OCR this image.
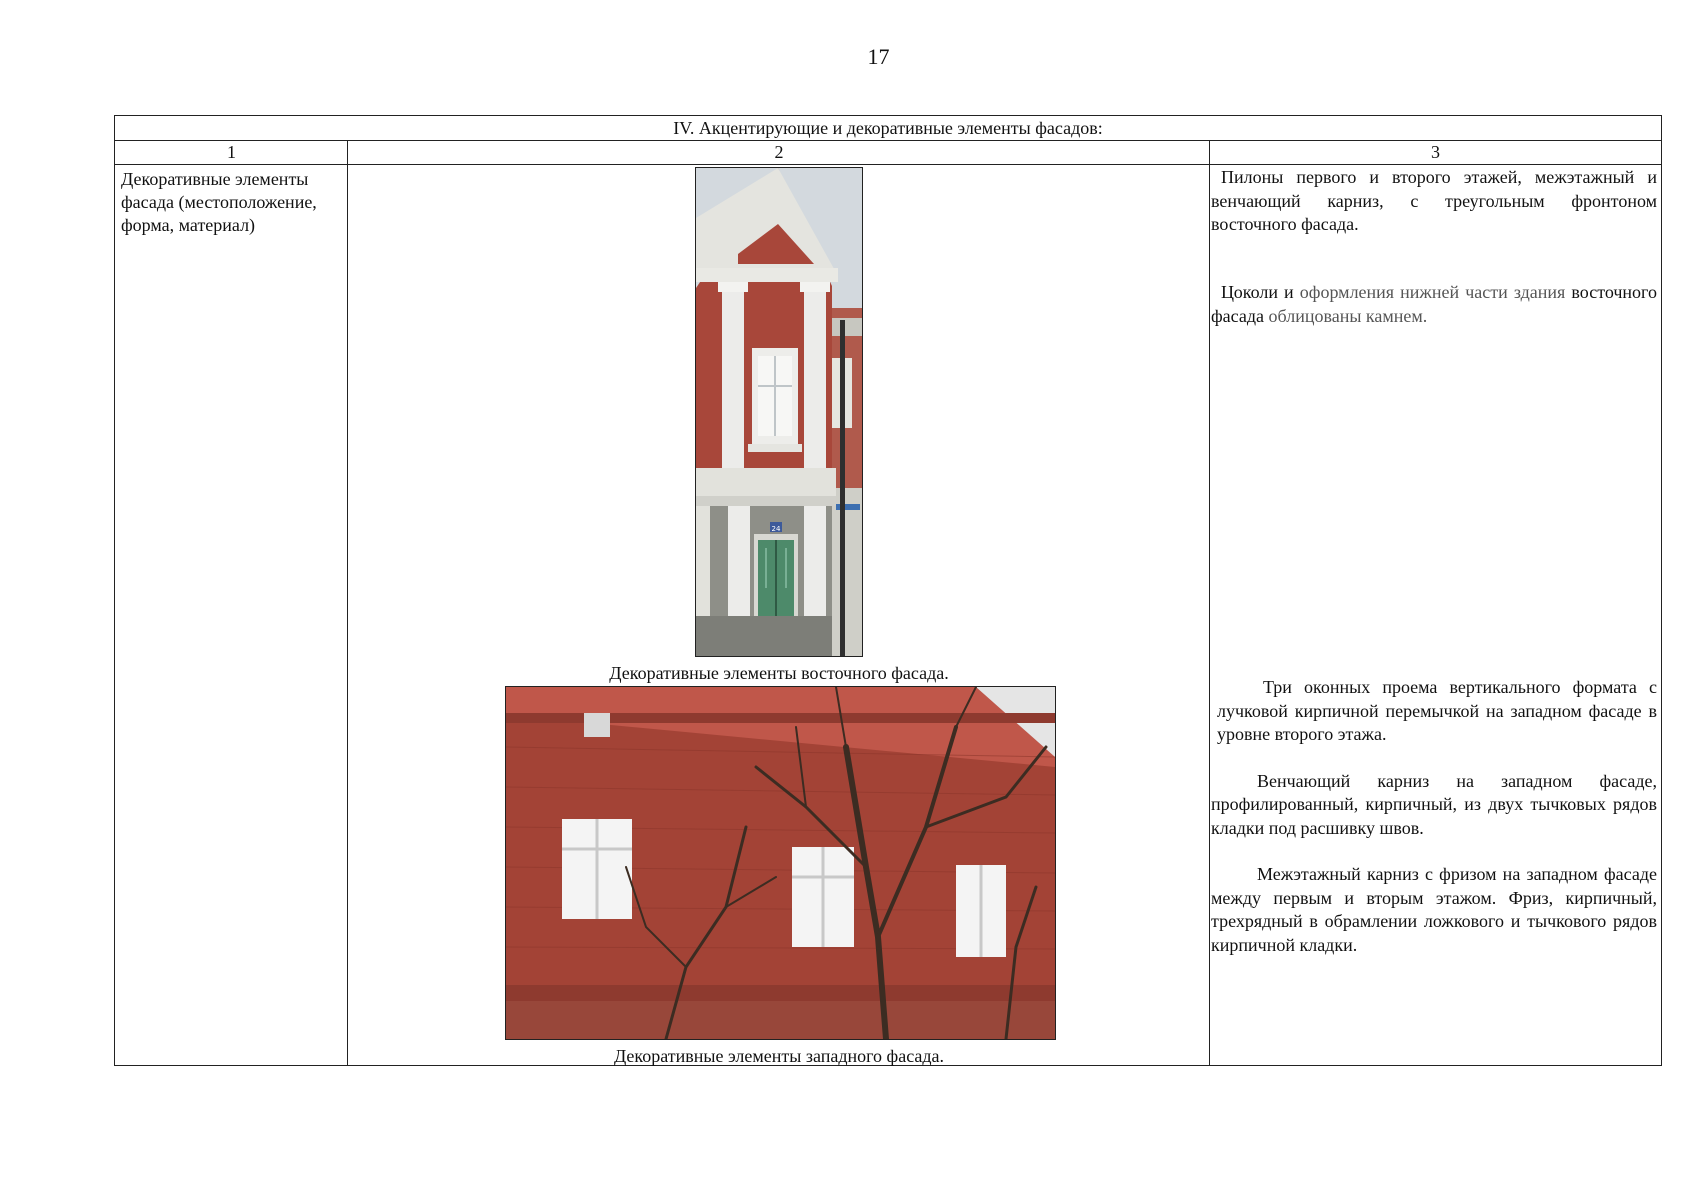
17
IV. Акцентирующие и декоративные элементы фасадов:
1	2	3
Декоративные элементы фасада (местоположение, форма, материал)
24
Декоративные элементы восточного фасада.
Декоративные элементы западного фасада.

Пилоны первого и второго этажей, межэтажный и венчающий карниз, с треугольным фронтоном восточного фасада.

Цоколи и оформления нижней части здания восточного фасада облицованы камнем.

Три оконных проема вертикального формата с лучковой кирпичной перемычкой на западном фасаде в уровне второго этажа.

Венчающий карниз на западном фасаде, профилированный, кирпичный, из двух тычковых рядов кладки под расшивку швов.

Межэтажный карниз с фризом на западном фасаде между первым и вторым этажом. Фриз, кирпичный, трехрядный в обрамлении ложкового и тычкового рядов кирпичной кладки.
